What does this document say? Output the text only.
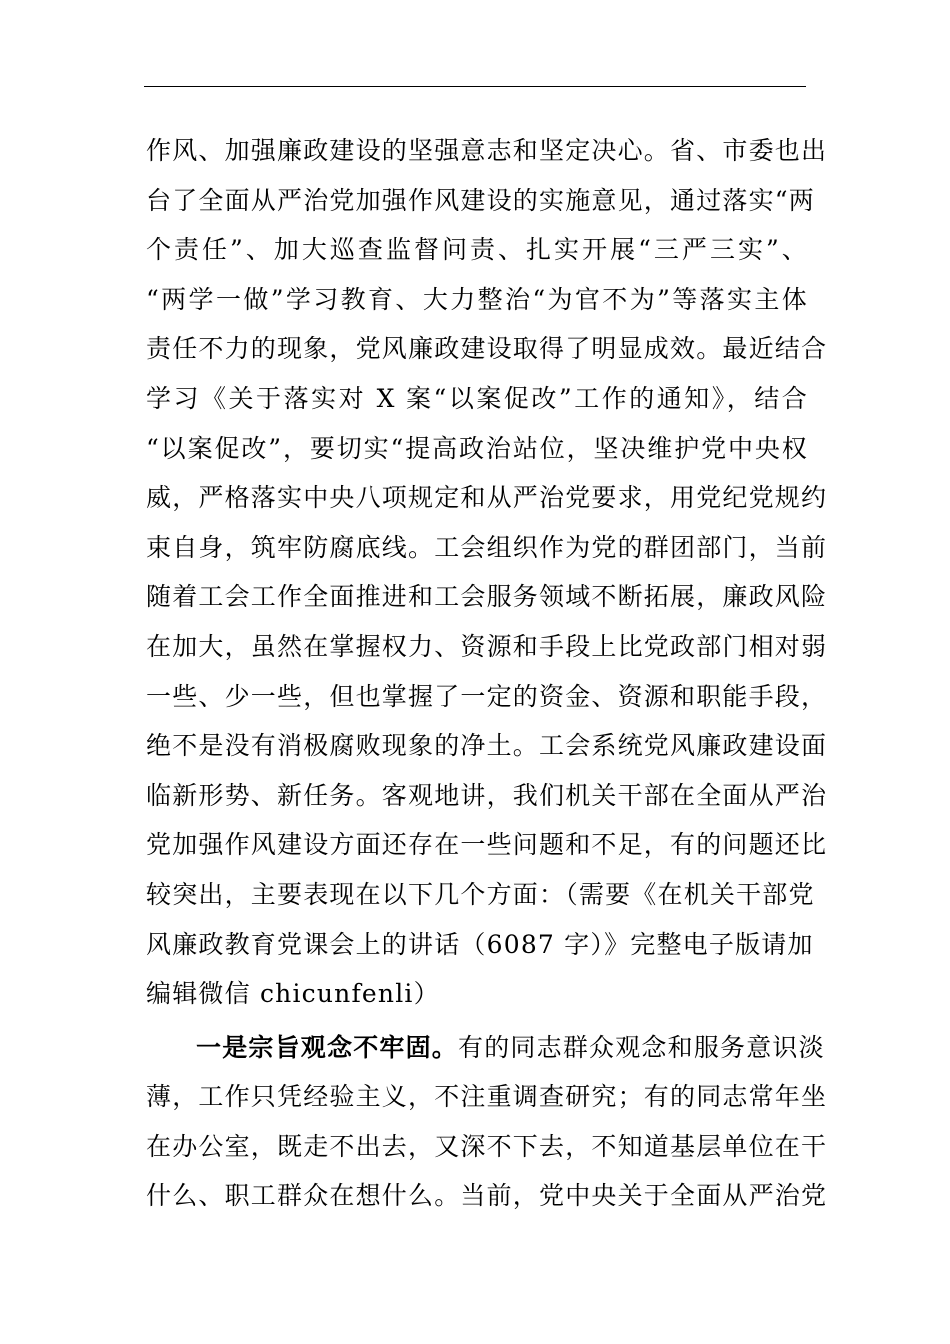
作风、加强廉政建设的坚强意志和坚定决心。省、市委也出
台了全面从严治党加强作风建设的实施意见，通过落实“两
个责任”、加大巡查监督问责、扎实开展“三严三实”、
“两学一做”学习教育、大力整治“为官不为”等落实主体
责任不力的现象，党风廉政建设取得了明显成效。最近结合
学习《关于落实对 X 案“以案促改”工作的通知》，结合
“以案促改”，要切实“提高政治站位，坚决维护党中央权
威，严格落实中央八项规定和从严治党要求，用党纪党规约
束自身，筑牢防腐底线。工会组织作为党的群团部门，当前
随着工会工作全面推进和工会服务领域不断拓展，廉政风险
在加大，虽然在掌握权力、资源和手段上比党政部门相对弱
一些、少一些，但也掌握了一定的资金、资源和职能手段，
绝不是没有消极腐败现象的净土。工会系统党风廉政建设面
临新形势、新任务。客观地讲，我们机关干部在全面从严治
党加强作风建设方面还存在一些问题和不足，有的问题还比
较突出，主要表现在以下几个方面：（需要《在机关干部党
风廉政教育党课会上的讲话（6087 字）》完整电子版请加
编辑微信 chicunfenli）
一是宗旨观念不牢固。有的同志群众观念和服务意识淡
薄，工作只凭经验主义，不注重调查研究；有的同志常年坐
在办公室，既走不出去，又深不下去，不知道基层单位在干
什么、职工群众在想什么。当前，党中央关于全面从严治党
